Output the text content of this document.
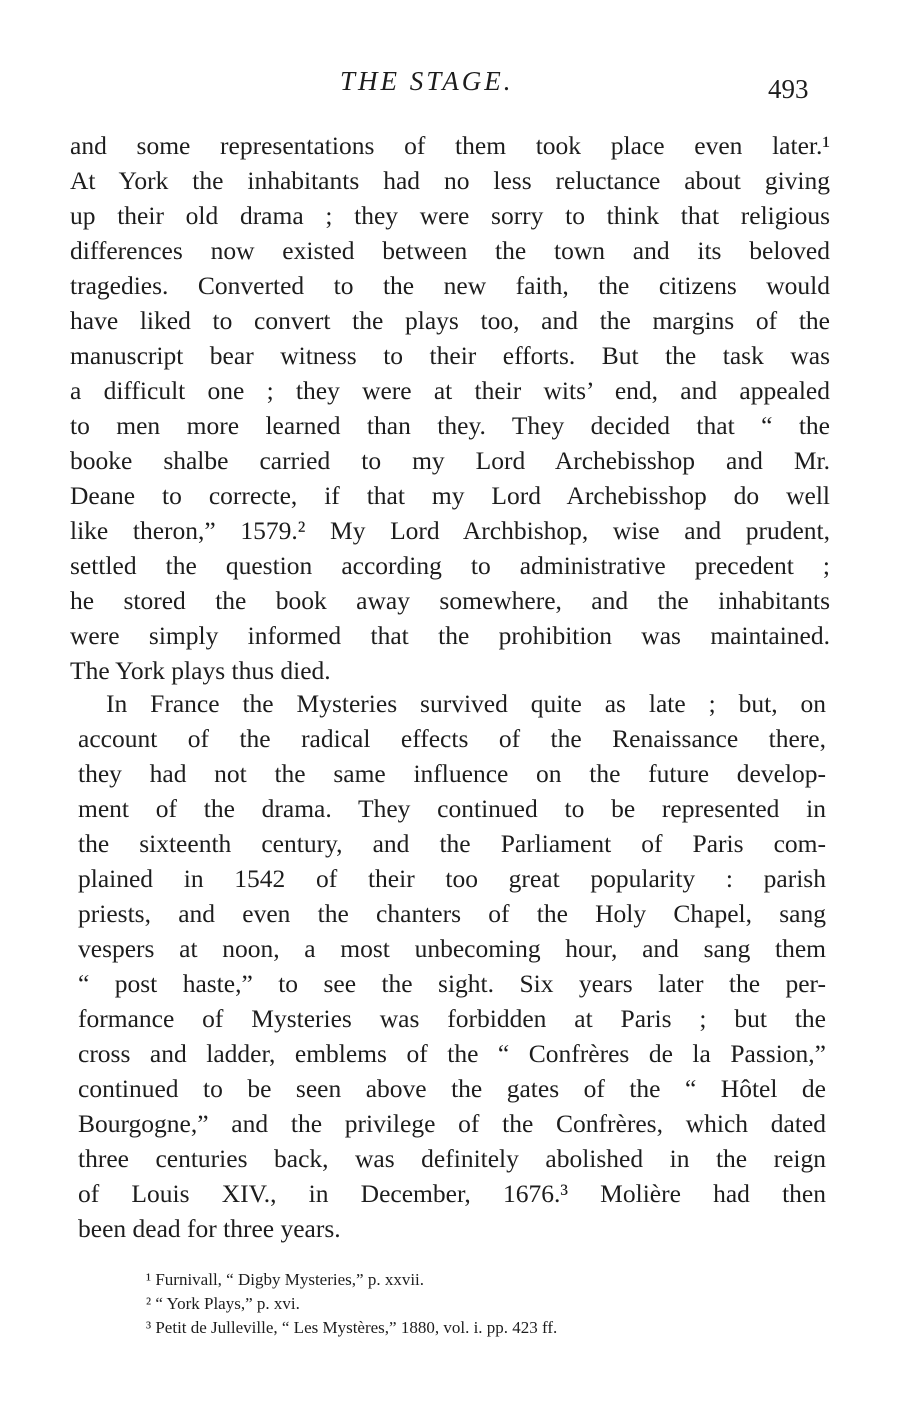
THE STAGE.	493
and some representations of them took place even later.¹
At York the inhabitants had no less reluctance about giving
up their old drama ; they were sorry to think that religious
differences now existed between the town and its beloved
tragedies. Converted to the new faith, the citizens would
have liked to convert the plays too, and the margins of the
manuscript bear witness to their efforts. But the task was
a difficult one ; they were at their wits’ end, and appealed
to men more learned than they. They decided that “ the
booke shalbe carried to my Lord Archebisshop and Mr.
Deane to correcte, if that my Lord Archebisshop do well
like theron,” 1579.² My Lord Archbishop, wise and prudent,
settled the question according to administrative precedent ;
he stored the book away somewhere, and the inhabitants
were simply informed that the prohibition was maintained.
The York plays thus died.
In France the Mysteries survived quite as late ; but, on
account of the radical effects of the Renaissance there,
they had not the same influence on the future develop-
ment of the drama. They continued to be represented in
the sixteenth century, and the Parliament of Paris com-
plained in 1542 of their too great popularity : parish
priests, and even the chanters of the Holy Chapel, sang
vespers at noon, a most unbecoming hour, and sang them
“ post haste,” to see the sight. Six years later the per-
formance of Mysteries was forbidden at Paris ; but the
cross and ladder, emblems of the “ Confrères de la Passion,”
continued to be seen above the gates of the “ Hôtel de
Bourgogne,” and the privilege of the Confrères, which dated
three centuries back, was definitely abolished in the reign
of Louis XIV., in December, 1676.³ Molière had then
been dead for three years.
¹ Furnivall, “ Digby Mysteries,” p. xxvii.
² “ York Plays,” p. xvi.
³ Petit de Julleville, “ Les Mystères,” 1880, vol. i. pp. 423 ff.
